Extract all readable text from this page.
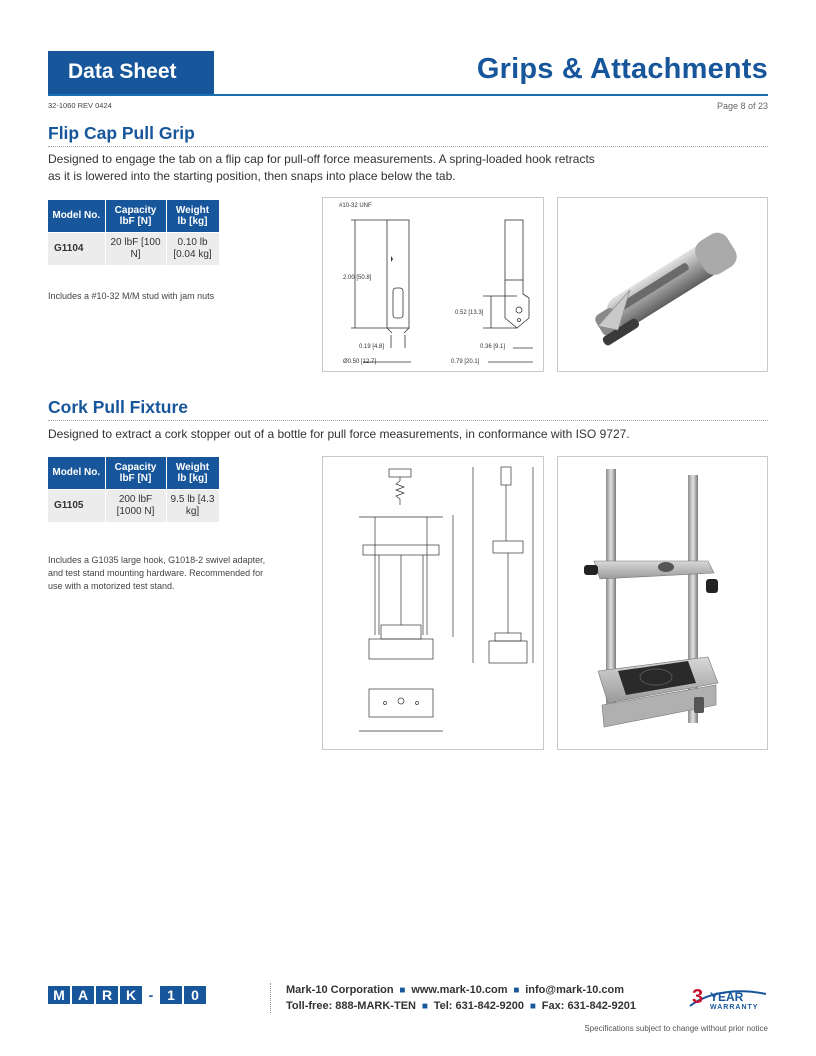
Data Sheet	Grips & Attachments
32-1060 REV 0424	Page 8 of 23
Flip Cap Pull Grip
Designed to engage the tab on a flip cap for pull-off force measurements. A spring-loaded hook retracts as it is lowered into the starting position, then snaps into place below the tab.
Model No.	Capacity lbF [N]	Weight lb [kg]
G1104	20 lbF [100 N]	0.10 lb [0.04 kg]
Includes a #10-32 M/M stud with jam nuts
#10-32 UNF
2.00 [50.8]
0.52 [13.3]
0.19 [4.8]	0.36 [9.1]
Ø0.50 [12.7]	0.79 [20.1]
Cork Pull Fixture
Designed to extract a cork stopper out of a bottle for pull force measurements, in conformance with ISO 9727.
Model No.	Capacity lbF [N]	Weight lb [kg]
G1105	200 lbF [1000 N]	9.5 lb [4.3 kg]
Includes a G1035 large hook, G1018-2 swivel adapter, and test stand mounting hardware. Recommended for use with a motorized test stand.
M A R K - 1	0	Mark-10 Corporation  ■  www.mark-10.com  ■  info@mark-10.com
Toll-free: 888-MARK-TEN  ■  Tel: 631-842-9200  ■  Fax: 631-842-9201	3 YEAR
WARRANTY
Specifications subject to change without prior notice
